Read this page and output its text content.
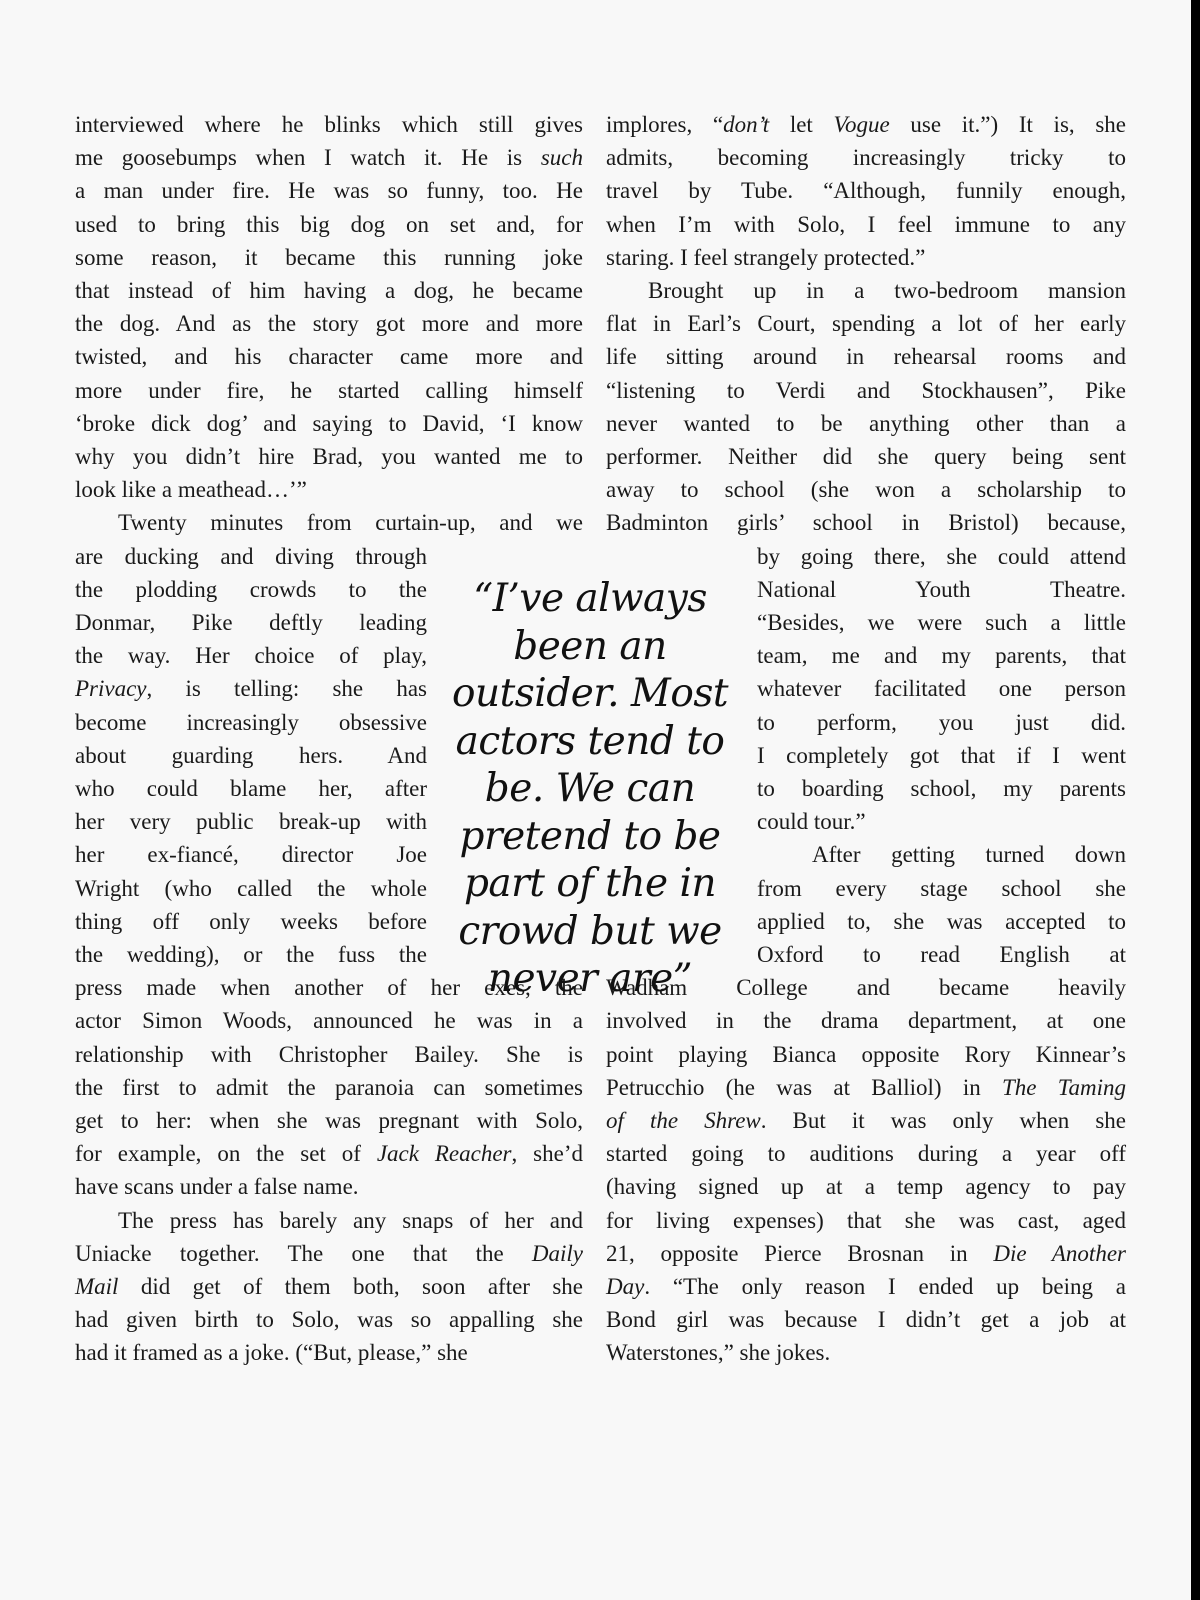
interviewed where he blinks which still gives
me goosebumps when I watch it. He is such
a man under fire. He was so funny, too. He
used to bring this big dog on set and, for
some reason, it became this running joke
that instead of him having a dog, he became
the dog. And as the story got more and more
twisted, and his character came more and
more under fire, he started calling himself
‘broke dick dog’ and saying to David, ‘I know
why you didn’t hire Brad, you wanted me to
look like a meathead…’”
Twenty minutes from curtain-up, and we
are ducking and diving through
the plodding crowds to the
Donmar, Pike deftly leading
the way. Her choice of play,
Privacy, is telling: she has
become increasingly obsessive
about guarding hers. And
who could blame her, after
her very public break-up with
her ex-fiancé, director Joe
Wright (who called the whole
thing off only weeks before
the wedding), or the fuss the
press made when another of her exes, the
actor Simon Woods, announced he was in a
relationship with Christopher Bailey. She is
the first to admit the paranoia can sometimes
get to her: when she was pregnant with Solo,
for example, on the set of Jack Reacher, she’d
have scans under a false name.
The press has barely any snaps of her and
Uniacke together. The one that the Daily
Mail did get of them both, soon after she
had given birth to Solo, was so appalling she
had it framed as a joke. (“But, please,” she
implores, “don’t let Vogue use it.”) It is, she
admits, becoming increasingly tricky to
travel by Tube. “Although, funnily enough,
when I’m with Solo, I feel immune to any
staring. I feel strangely protected.”
Brought up in a two-bedroom mansion
flat in Earl’s Court, spending a lot of her early
life sitting around in rehearsal rooms and
“listening to Verdi and Stockhausen”, Pike
never wanted to be anything other than a
performer. Neither did she query being sent
away to school (she won a scholarship to
Badminton girls’ school in Bristol) because,
by going there, she could attend
National Youth Theatre.
“Besides, we were such a little
team, me and my parents, that
whatever facilitated one person
to perform, you just did.
I completely got that if I went
to boarding school, my parents
could tour.”
After getting turned down
from every stage school she
applied to, she was accepted to
Oxford to read English at
Wadham College and became heavily
involved in the drama department, at one
point playing Bianca opposite Rory Kinnear’s
Petrucchio (he was at Balliol) in The Taming
of the Shrew. But it was only when she
started going to auditions during a year off
(having signed up at a temp agency to pay
for living expenses) that she was cast, aged
21, opposite Pierce Brosnan in Die Another
Day. “The only reason I ended up being a
Bond girl was because I didn’t get a job at
Waterstones,” she jokes.
“I’ve always
been an
outsider. Most
actors tend to
be. We can
pretend to be
part of the in
crowd but we
never are”
